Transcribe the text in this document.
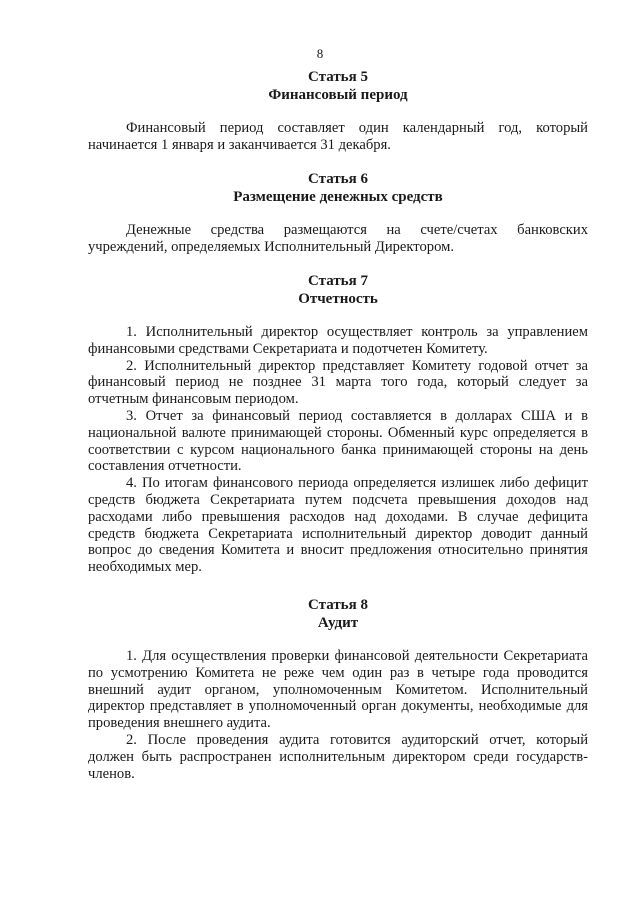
8
Статья 5
Финансовый период

Финансовый период составляет один календарный год, который начинается 1 января и заканчивается 31 декабря.

Статья 6
Размещение денежных средств

Денежные средства размещаются на счете/счетах банковских учреждений, определяемых Исполнительный Директором.

Статья 7
Отчетность

1. Исполнительный директор осуществляет контроль за управлением финансовыми средствами Секретариата и подотчетен Комитету.

2. Исполнительный директор представляет Комитету годовой отчет за финансовый период не позднее 31 марта того года, который следует за отчетным финансовым периодом.

3. Отчет за финансовый период составляется в долларах США и в национальной валюте принимающей стороны. Обменный курс определяется в соответствии с курсом национального банка принимающей стороны на день составления отчетности.

4. По итогам финансового периода определяется излишек либо дефицит средств бюджета Секретариата путем подсчета превышения доходов над расходами либо превышения расходов над доходами. В случае дефицита средств бюджета Секретариата исполнительный директор доводит данный вопрос до сведения Комитета и вносит предложения относительно принятия необходимых мер.

Статья 8
Аудит

1. Для осуществления проверки финансовой деятельности Секретариата по усмотрению Комитета не реже чем один раз в четыре года проводится внешний аудит органом, уполномоченным Комитетом. Исполнительный директор представляет в уполномоченный орган документы, необходимые для проведения внешнего аудита.

2. После проведения аудита готовится аудиторский отчет, который должен быть распространен исполнительным директором среди государств-членов.
